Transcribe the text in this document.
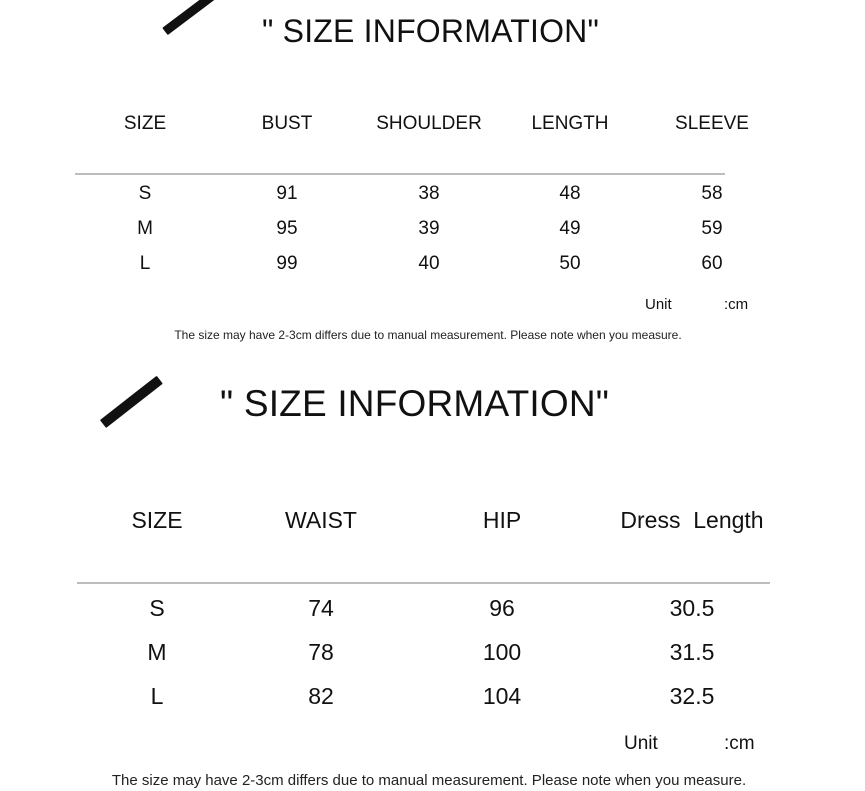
" SIZE INFORMATION"
SIZE	BUST	SHOULDER	LENGTH	SLEEVE
S	91	38	48	58
M	95	39	49	59
L	99	40	50	60
Unit	:cm
The size may have 2-3cm differs due to manual measurement. Please note when you measure.
" SIZE INFORMATION"
SIZE	WAIST	HIP	Dress  Length
S	74	96	30.5
M	78	100	31.5
L	82	104	32.5
Unit	:cm
The size may have 2-3cm differs due to manual measurement. Please note when you measure.
